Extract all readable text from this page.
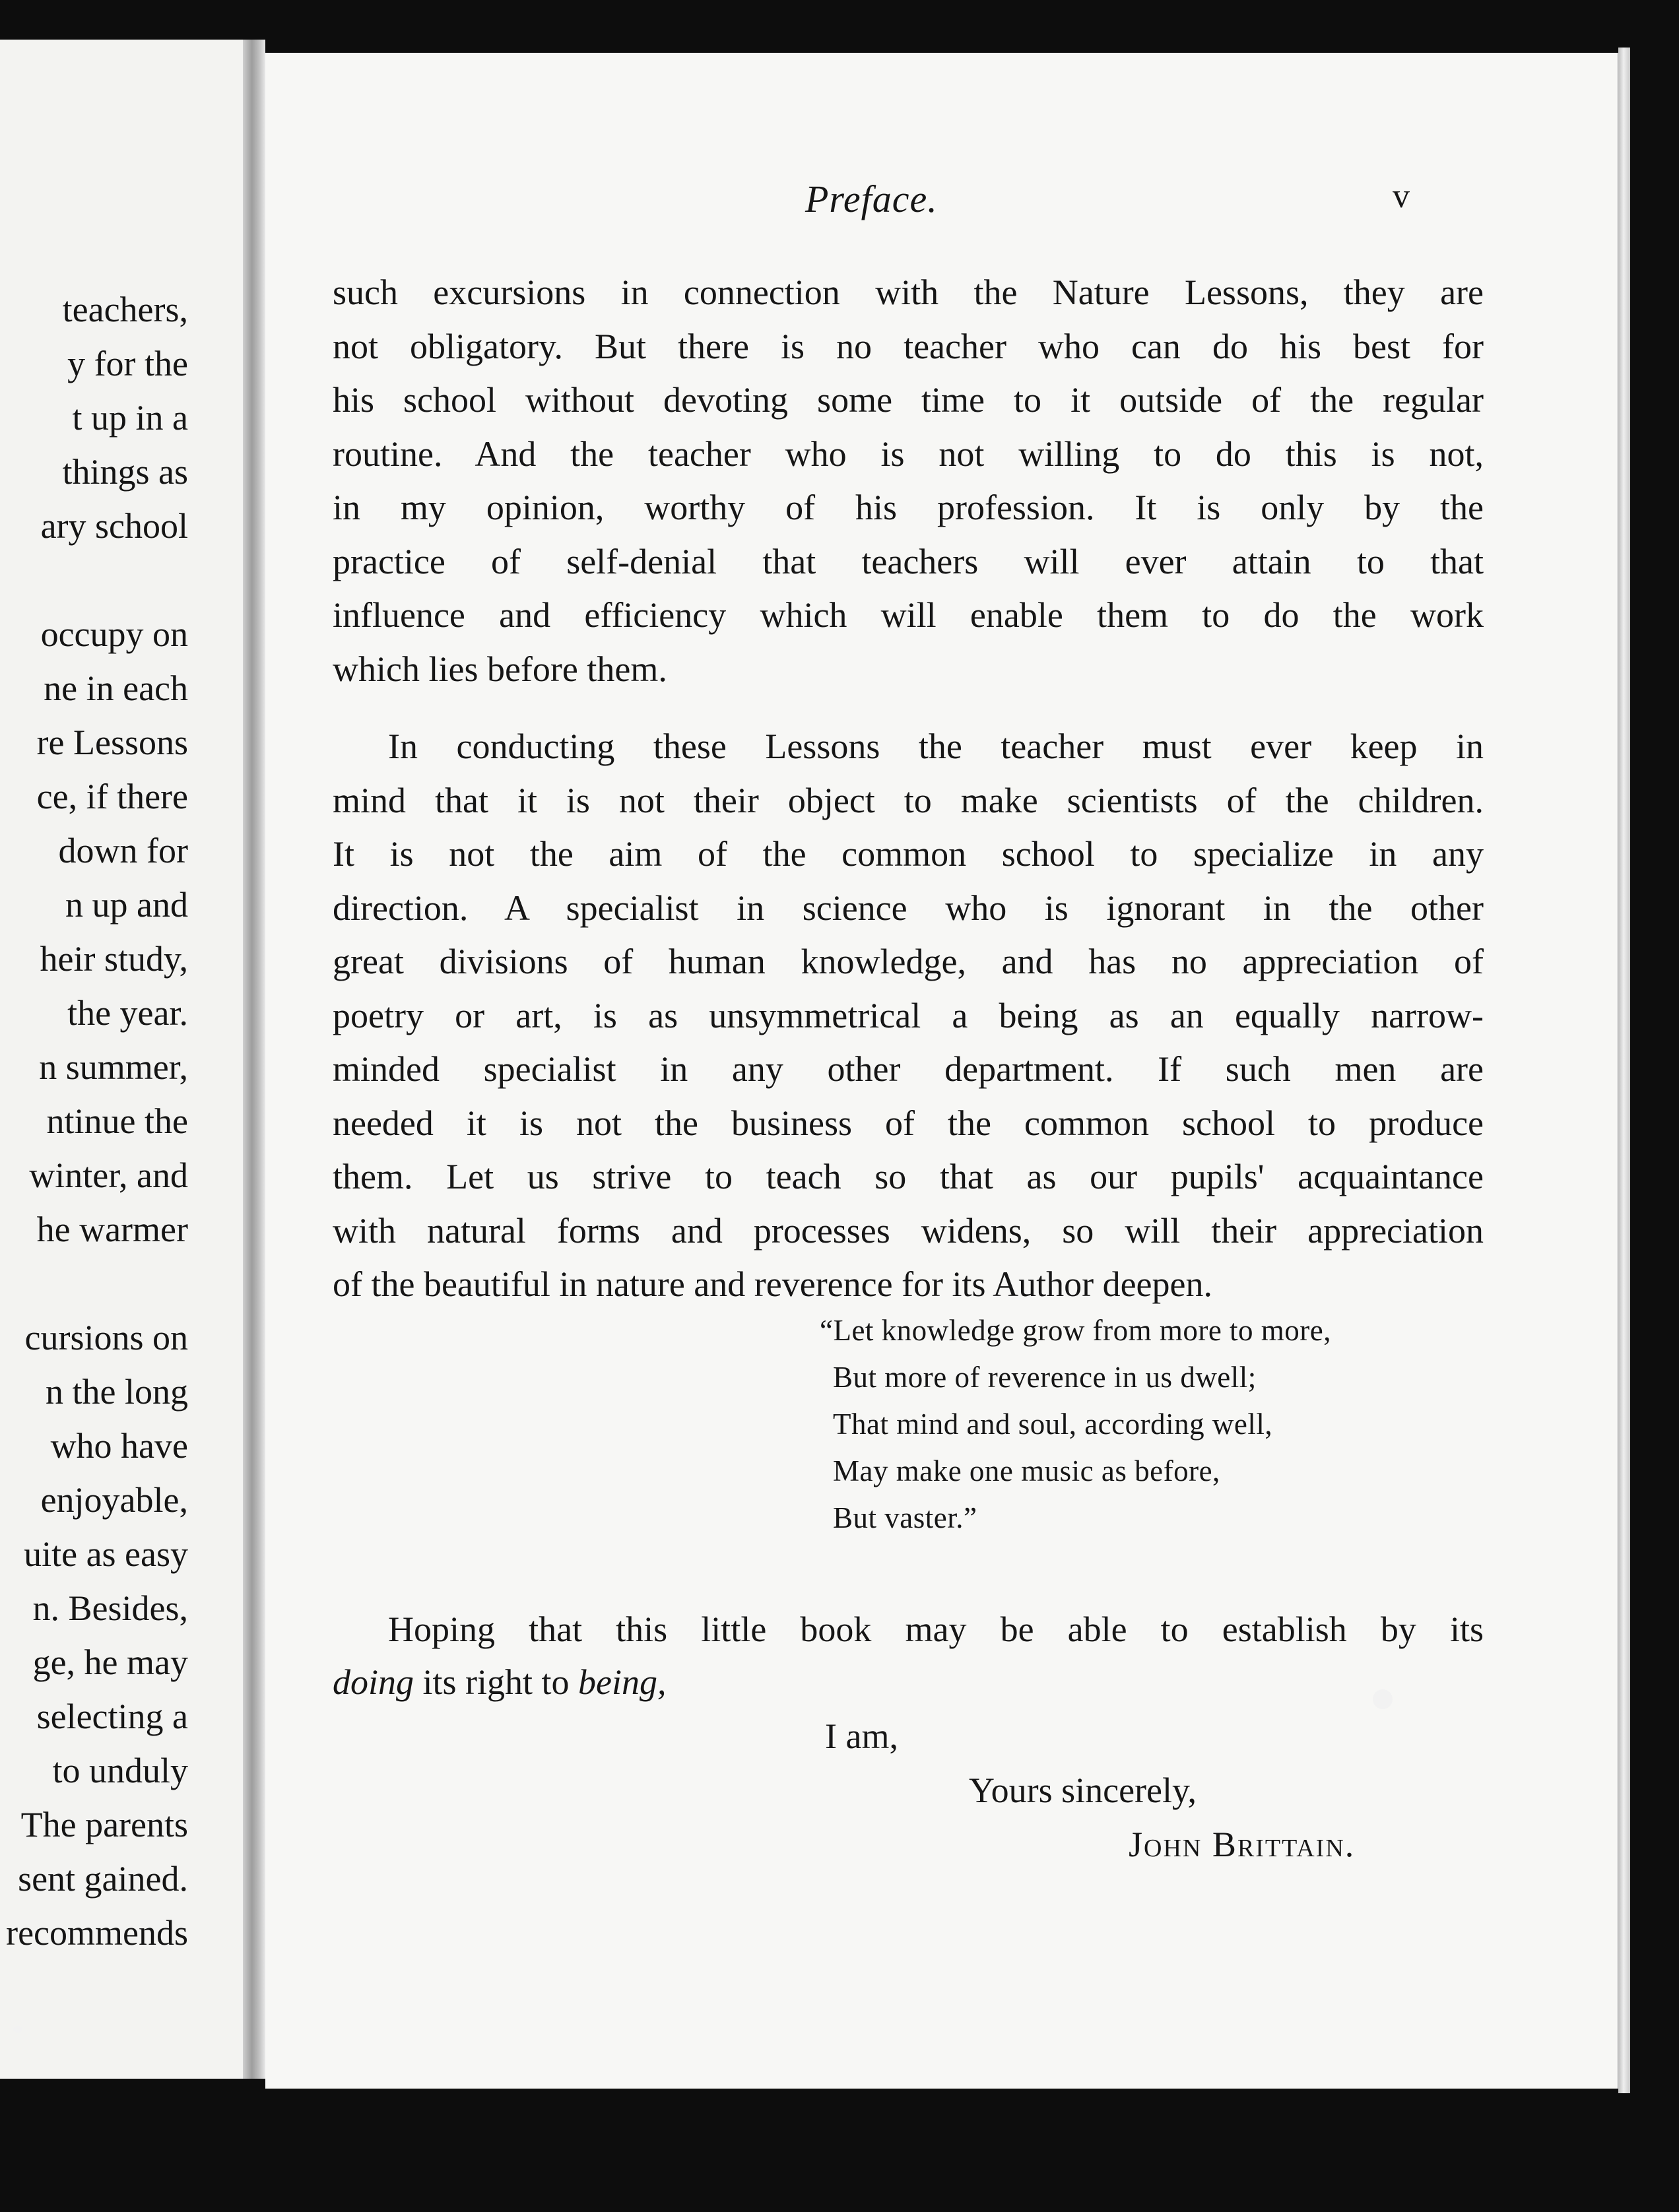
teachers,
y for the
t up in a
things as
ary school
occupy on
ne in each
re Lessons
ce, if there
down for
n up and
heir study,
the year.
n summer,
ntinue the
winter, and
he warmer
cursions on
n the long
who have
enjoyable,
uite as easy
n. Besides,
ge, he may
selecting a
to unduly
The parents
sent gained.
recommends
Preface.	v
such excursions in connection with the Nature Lessons, they are
not obligatory. But there is no teacher who can do his best for
his school without devoting some time to it outside of the regular
routine. And the teacher who is not willing to do this is not,
in my opinion, worthy of his profession. It is only by the
practice of self-denial that teachers will ever attain to that
influence and efficiency which will enable them to do the work
which lies before them.
In conducting these Lessons the teacher must ever keep in
mind that it is not their object to make scientists of the children.
It is not the aim of the common school to specialize in any
direction. A specialist in science who is ignorant in the other
great divisions of human knowledge, and has no appreciation of
poetry or art, is as unsymmetrical a being as an equally narrow-
minded specialist in any other department. If such men are
needed it is not the business of the common school to produce
them. Let us strive to teach so that as our pupils' acquaintance
with natural forms and processes widens, so will their appreciation
of the beautiful in nature and reverence for its Author deepen.
“Let knowledge grow from more to more,
But more of reverence in us dwell;
That mind and soul, according well,
May make one music as before,
But vaster.”
Hoping that this little book may be able to establish by its
doing its right to being,
I am,
Yours sincerely,
John Brittain.
